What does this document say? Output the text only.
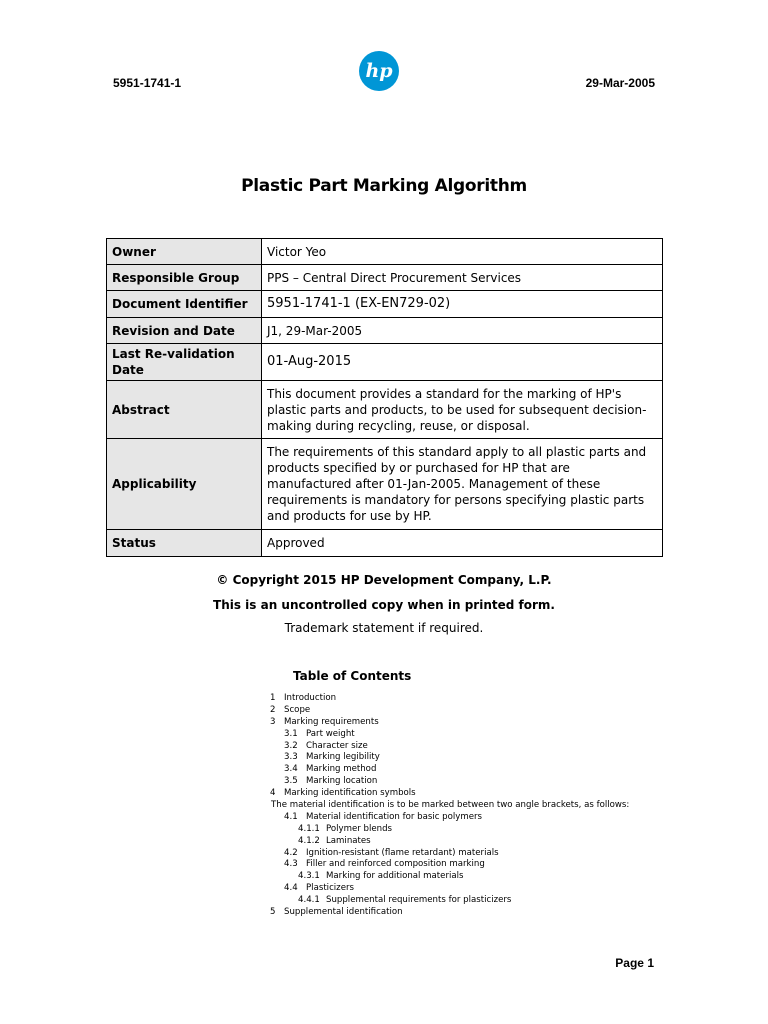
5951-1741-1
hp
29-Mar-2005
Plastic Part Marking Algorithm
Owner	Victor Yeo
Responsible Group	PPS – Central Direct Procurement Services
Document Identifier	5951-1741-1 (EX-EN729-02)
Revision and Date	J1, 29-Mar-2005
Last Re-validation Date	01-Aug-2015
Abstract	This document provides a standard for the marking of HP's plastic parts and products, to be used for subsequent decision-making during recycling, reuse, or disposal.
Applicability	The requirements of this standard apply to all plastic parts and products specified by or purchased for HP that are manufactured after 01-Jan-2005. Management of these requirements is mandatory for persons specifying plastic parts and products for use by HP.
Status	Approved
© Copyright 2015 HP Development Company, L.P.
This is an uncontrolled copy when in printed form.
Trademark statement if required.
Table of Contents
1 Introduction
2 Scope
3 Marking requirements
3.1 Part weight
3.2 Character size
3.3 Marking legibility
3.4 Marking method
3.5 Marking location
4 Marking identification symbols
The material identification is to be marked between two angle brackets, as follows:
4.1 Material identification for basic polymers
4.1.1 Polymer blends
4.1.2 Laminates
4.2 Ignition-resistant (flame retardant) materials
4.3 Filler and reinforced composition marking
4.3.1 Marking for additional materials
4.4 Plasticizers
4.4.1 Supplemental requirements for plasticizers
5 Supplemental identification
Page 1
